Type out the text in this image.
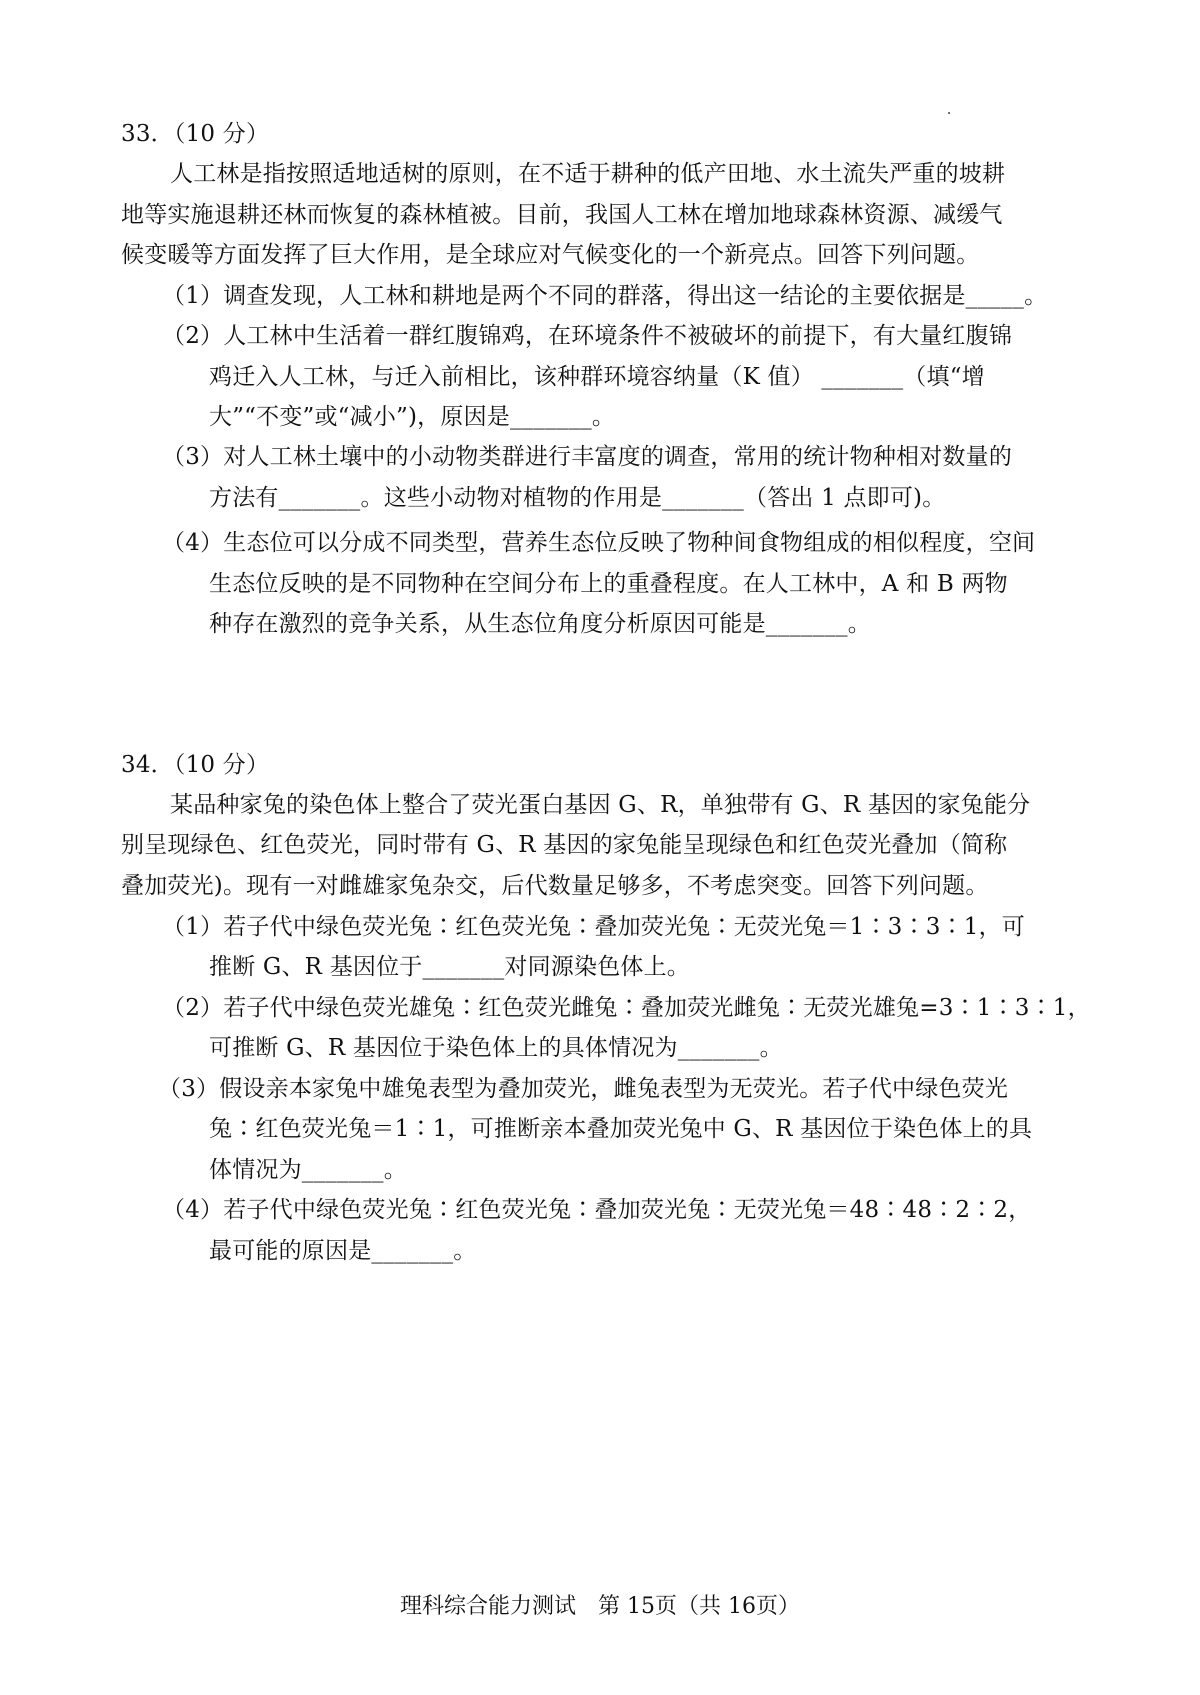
33．（10 分）
人工林是指按照适地适树的原则，在不适于耕种的低产田地、水土流失严重的坡耕
地等实施退耕还林而恢复的森林植被。目前，我国人工林在增加地球森林资源、减缓气
候变暖等方面发挥了巨大作用，是全球应对气候变化的一个新亮点。回答下列问题。
（1）调查发现，人工林和耕地是两个不同的群落，得出这一结论的主要依据是_____。
（2）人工林中生活着一群红腹锦鸡，在环境条件不被破坏的前提下，有大量红腹锦
鸡迁入人工林，与迁入前相比，该种群环境容纳量（K 值） _______（填“增
大”“不变”或“减小”)，原因是_______。
（3）对人工林土壤中的小动物类群进行丰富度的调查，常用的统计物种相对数量的
方法有_______。这些小动物对植物的作用是_______（答出 1 点即可)。
（4）生态位可以分成不同类型，营养生态位反映了物种间食物组成的相似程度，空间
生态位反映的是不同物种在空间分布上的重叠程度。在人工林中，A 和 B 两物
种存在激烈的竞争关系，从生态位角度分析原因可能是_______。
34．（10 分）
某品种家兔的染色体上整合了荧光蛋白基因 G、R，单独带有 G、R 基因的家兔能分
别呈现绿色、红色荧光，同时带有 G、R 基因的家兔能呈现绿色和红色荧光叠加（简称
叠加荧光)。现有一对雌雄家兔杂交，后代数量足够多，不考虑突变。回答下列问题。
（1）若子代中绿色荧光兔∶红色荧光兔∶叠加荧光兔∶无荧光兔＝1∶3∶3∶1，可
推断 G、R 基因位于_______对同源染色体上。
（2）若子代中绿色荧光雄兔∶红色荧光雌兔∶叠加荧光雌兔∶无荧光雄兔=3∶1∶3∶1，
可推断 G、R 基因位于染色体上的具体情况为_______。
（3）假设亲本家兔中雄兔表型为叠加荧光，雌兔表型为无荧光。若子代中绿色荧光
兔∶红色荧光兔＝1∶1，可推断亲本叠加荧光兔中 G、R 基因位于染色体上的具
体情况为_______。
（4）若子代中绿色荧光兔∶红色荧光兔∶叠加荧光兔∶无荧光兔＝48∶48∶2∶2，
最可能的原因是_______。
理科综合能力测试　第 15页（共 16页）
